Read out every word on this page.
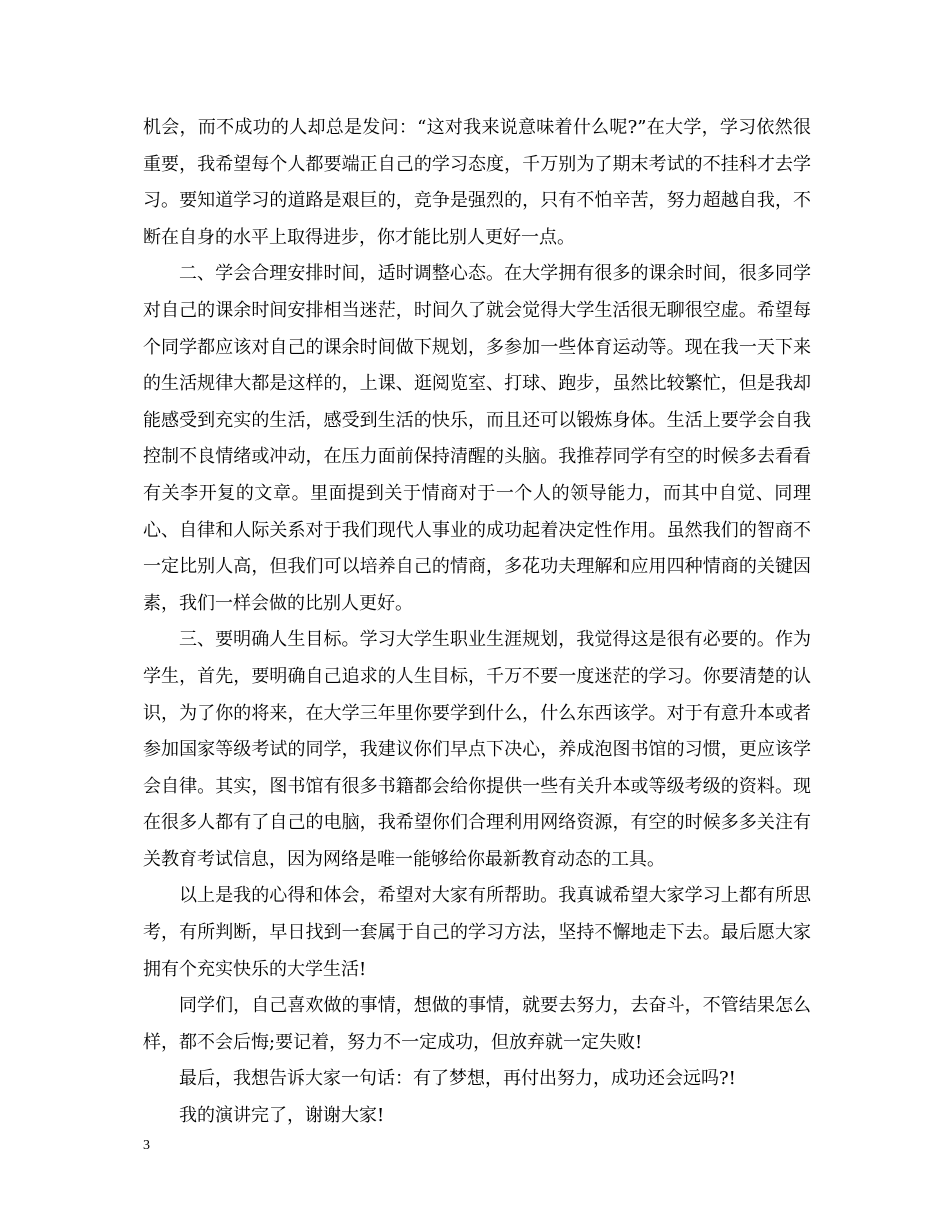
机会，而不成功的人却总是发问：“这对我来说意味着什么呢?”在大学，学习依然很重要，我希望每个人都要端正自己的学习态度，千万别为了期末考试的不挂科才去学习。要知道学习的道路是艰巨的，竞争是强烈的，只有不怕辛苦，努力超越自我，不断在自身的水平上取得进步，你才能比别人更好一点。

二、学会合理安排时间，适时调整心态。在大学拥有很多的课余时间，很多同学对自己的课余时间安排相当迷茫，时间久了就会觉得大学生活很无聊很空虚。希望每个同学都应该对自己的课余时间做下规划，多参加一些体育运动等。现在我一天下来的生活规律大都是这样的，上课、逛阅览室、打球、跑步，虽然比较繁忙，但是我却能感受到充实的生活，感受到生活的快乐，而且还可以锻炼身体。生活上要学会自我控制不良情绪或冲动，在压力面前保持清醒的头脑。我推荐同学有空的时候多去看看有关李开复的文章。里面提到关于情商对于一个人的领导能力，而其中自觉、同理心、自律和人际关系对于我们现代人事业的成功起着决定性作用。虽然我们的智商不一定比别人高，但我们可以培养自己的情商，多花功夫理解和应用四种情商的关键因素，我们一样会做的比别人更好。

三、要明确人生目标。学习大学生职业生涯规划，我觉得这是很有必要的。作为学生，首先，要明确自己追求的人生目标，千万不要一度迷茫的学习。你要清楚的认识，为了你的将来，在大学三年里你要学到什么，什么东西该学。对于有意升本或者参加国家等级考试的同学，我建议你们早点下决心，养成泡图书馆的习惯，更应该学会自律。其实，图书馆有很多书籍都会给你提供一些有关升本或等级考级的资料。现在很多人都有了自己的电脑，我希望你们合理利用网络资源，有空的时候多多关注有关教育考试信息，因为网络是唯一能够给你最新教育动态的工具。

以上是我的心得和体会，希望对大家有所帮助。我真诚希望大家学习上都有所思考，有所判断，早日找到一套属于自己的学习方法，坚持不懈地走下去。最后愿大家拥有个充实快乐的大学生活!

同学们，自己喜欢做的事情，想做的事情，就要去努力，去奋斗，不管结果怎么样，都不会后悔;要记着，努力不一定成功，但放弃就一定失败!

最后，我想告诉大家一句话：有了梦想，再付出努力，成功还会远吗?!

我的演讲完了，谢谢大家!

3
